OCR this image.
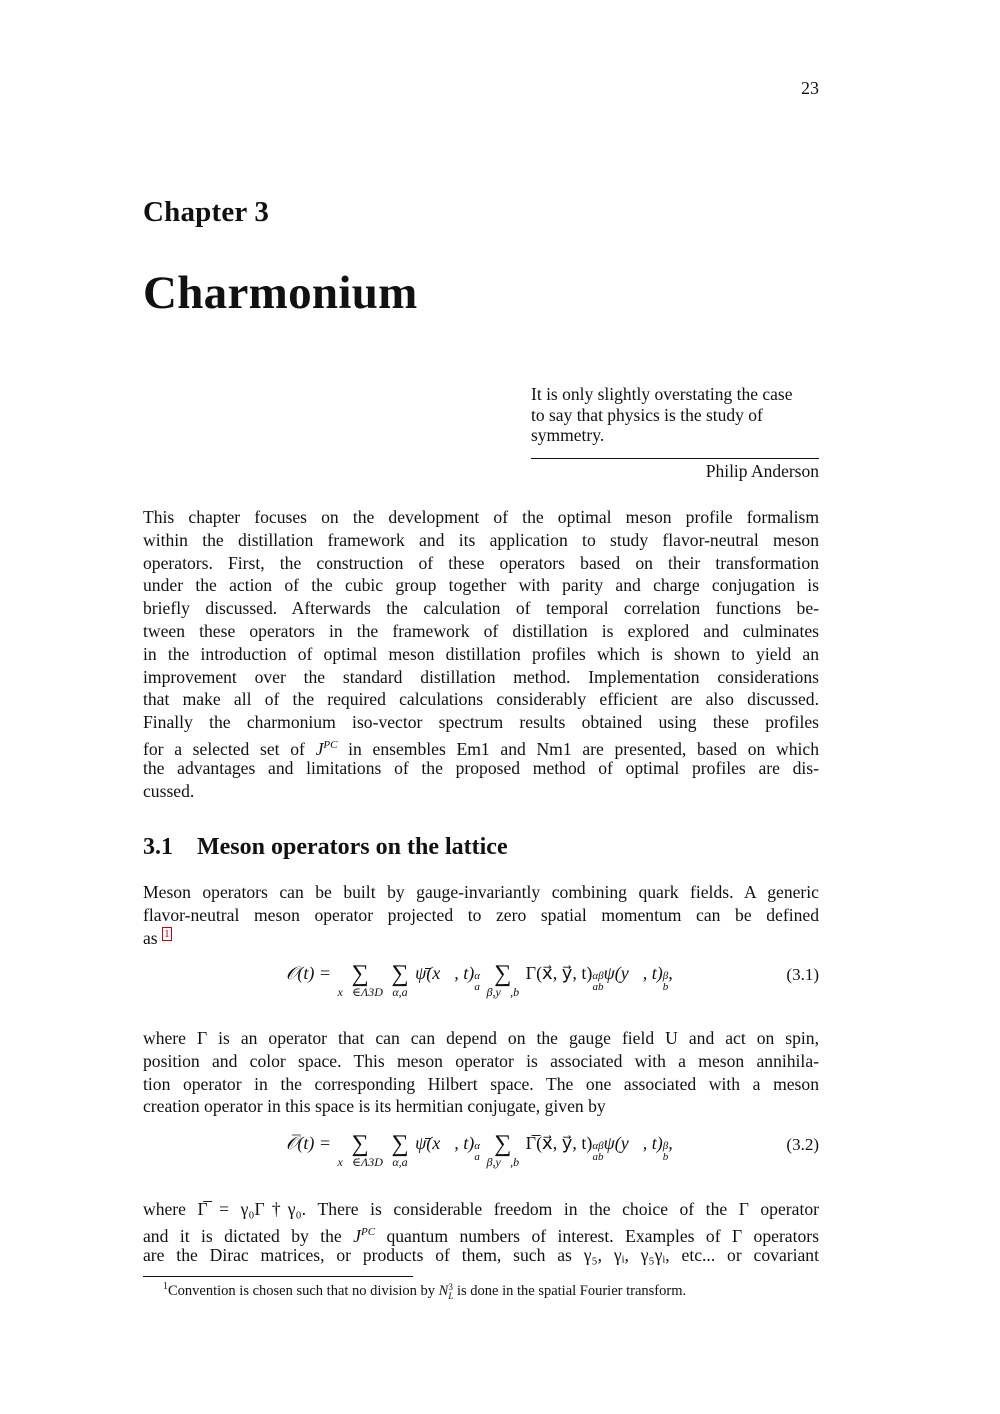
23
Chapter 3
Charmonium
It is only slightly overstating the case
to say that physics is the study of
symmetry.
Philip Anderson
This chapter focuses on the development of the optimal meson profile formalism
within the distillation framework and its application to study flavor-neutral meson
operators. First, the construction of these operators based on their transformation
under the action of the cubic group together with parity and charge conjugation is
briefly discussed. Afterwards the calculation of temporal correlation functions be-
tween these operators in the framework of distillation is explored and culminates
in the introduction of optimal meson distillation profiles which is shown to yield an
improvement over the standard distillation method. Implementation considerations
that make all of the required calculations considerably efficient are also discussed.
Finally the charmonium iso-vector spectrum results obtained using these profiles
for a selected set of $J^{PC}$ in ensembles Em1 and Nm1 are presented, based on which
the advantages and limitations of the proposed method of optimal profiles are dis-
cussed.
3.1 Meson operators on the lattice
Meson operators can be built by gauge-invariantly combining quark fields. A generic
flavor-neutral meson operator projected to zero spatial momentum can be defined
as $^1$
𝒪(t) = ∑
x⃗∈Λ3D

∑
α,a
ψ̄(x⃗, t) α
a
∑
β,y⃗,b
Γ(x⃗, y⃗, t) αβ
ab
ψ(y⃗, t) β
b
,	(3.1)
where Γ is an operator that can can depend on the gauge field U and act on spin,
position and color space. This meson operator is associated with a meson annihila-
tion operator in the corresponding Hilbert space. The one associated with a meson
creation operator in this space is its hermitian conjugate, given by
𝒪̅(t) = ∑
x⃗∈Λ3D

∑
α,a
ψ̄(x⃗, t) α
a
∑
β,y⃗,b
Γ̅(x⃗, y⃗, t) αβ
ab
ψ(y⃗, t) β
b
,	(3.2)
where Γ̅ = γ₀Γ†γ₀. There is considerable freedom in the choice of the Γ operator
and it is dictated by the $J^{PC}$ quantum numbers of interest. Examples of Γ operators
are the Dirac matrices, or products of them, such as γ₅, γᵢ, γ₅γᵢ, etc... or covariant
$^1$Convention is chosen such that no division by N 3
L is done in the spatial Fourier transform.
